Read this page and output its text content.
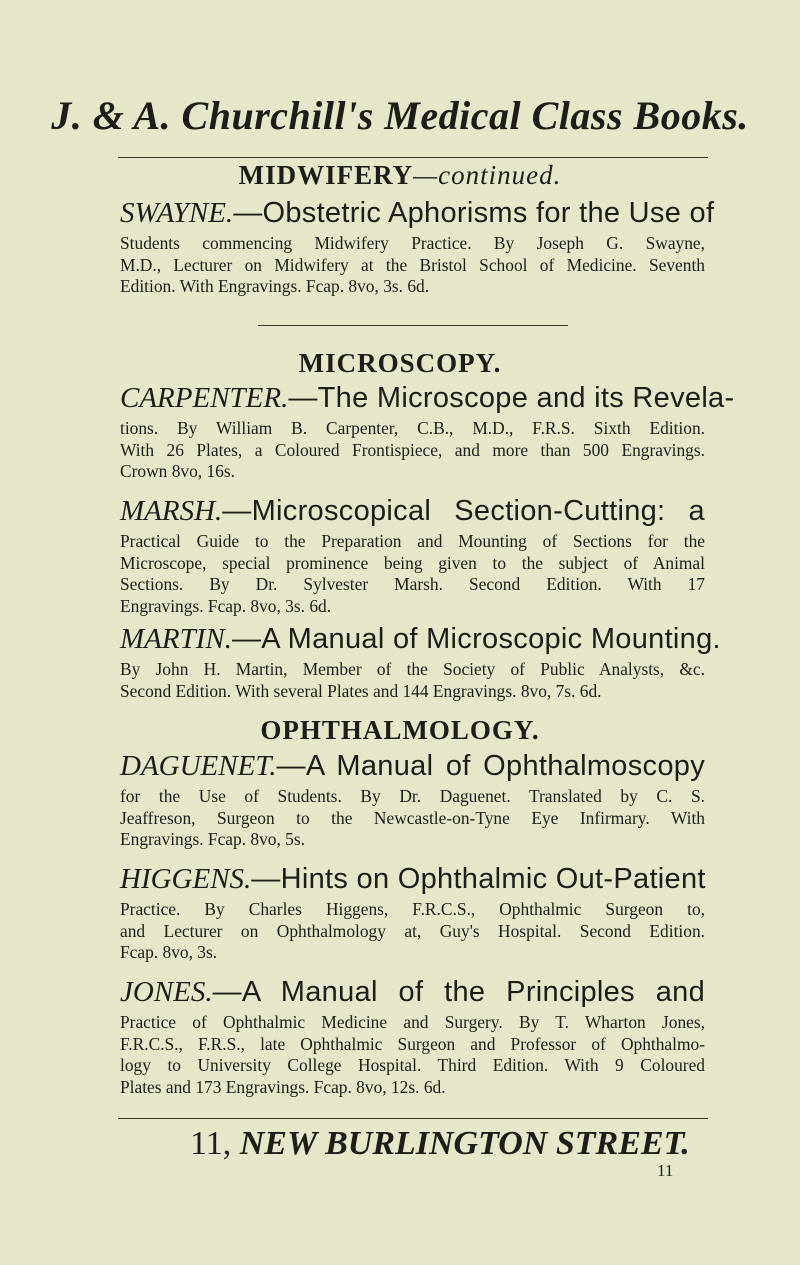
J. & A. Churchill's Medical Class Books.
MIDWIFERY—continued.
SWAYNE.—Obstetric Aphorisms for the Use of
Students commencing Midwifery Practice. By Joseph G. Swayne,
M.D., Lecturer on Midwifery at the Bristol School of Medicine. Seventh
Edition. With Engravings. Fcap. 8vo, 3s. 6d.
MICROSCOPY.
CARPENTER.—The Microscope and its Revela-
tions. By William B. Carpenter, C.B., M.D., F.R.S. Sixth Edition.
With 26 Plates, a Coloured Frontispiece, and more than 500 Engravings.
Crown 8vo, 16s.
MARSH.—Microscopical Section-Cutting: a
Practical Guide to the Preparation and Mounting of Sections for the
Microscope, special prominence being given to the subject of Animal
Sections. By Dr. Sylvester Marsh. Second Edition. With 17
Engravings. Fcap. 8vo, 3s. 6d.
MARTIN.—A Manual of Microscopic Mounting.
By John H. Martin, Member of the Society of Public Analysts, &c.
Second Edition. With several Plates and 144 Engravings. 8vo, 7s. 6d.
OPHTHALMOLOGY.
DAGUENET.—A Manual of Ophthalmoscopy
for the Use of Students. By Dr. Daguenet. Translated by C. S.
Jeaffreson, Surgeon to the Newcastle-on-Tyne Eye Infirmary. With
Engravings. Fcap. 8vo, 5s.
HIGGENS.—Hints on Ophthalmic Out-Patient
Practice. By Charles Higgens, F.R.C.S., Ophthalmic Surgeon to,
and Lecturer on Ophthalmology at, Guy's Hospital. Second Edition.
Fcap. 8vo, 3s.
JONES.—A Manual of the Principles and
Practice of Ophthalmic Medicine and Surgery. By T. Wharton Jones,
F.R.C.S., F.R.S., late Ophthalmic Surgeon and Professor of Ophthalmo-
logy to University College Hospital. Third Edition. With 9 Coloured
Plates and 173 Engravings. Fcap. 8vo, 12s. 6d.
11, NEW BURLINGTON STREET.
11
